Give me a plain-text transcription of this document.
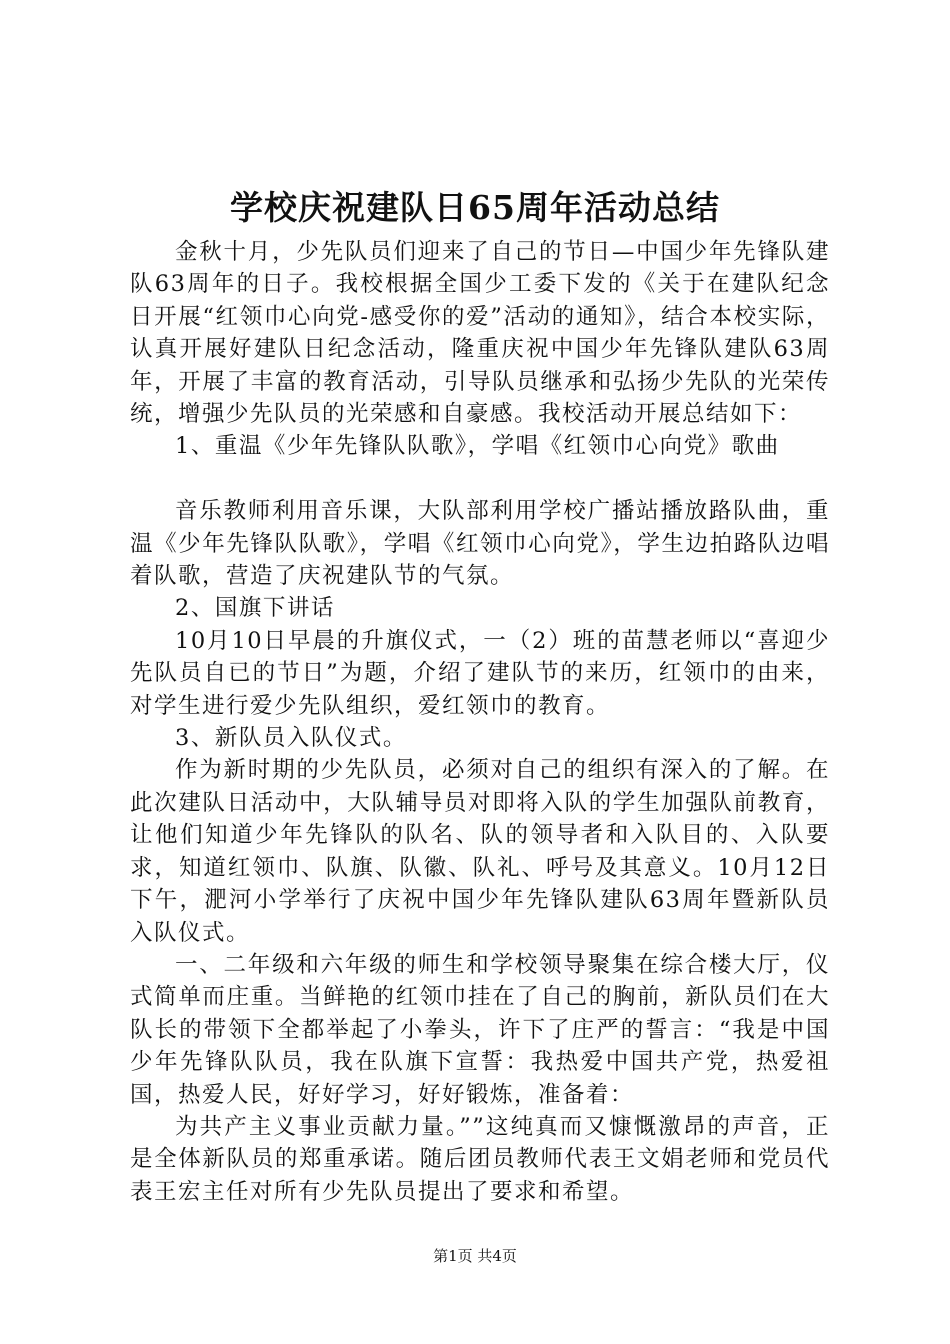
学校庆祝建队日65周年活动总结

金秋十月，少先队员们迎来了自己的节日—中国少年先锋队建队63周年的日子。我校根据全国少工委下发的《关于在建队纪念日开展“红领巾心向党-感受你的爱”活动的通知》，结合本校实际，认真开展好建队日纪念活动，隆重庆祝中国少年先锋队建队63周年，开展了丰富的教育活动，引导队员继承和弘扬少先队的光荣传统，增强少先队员的光荣感和自豪感。我校活动开展总结如下：

1、重温《少年先锋队队歌》，学唱《红领巾心向党》歌曲

音乐教师利用音乐课，大队部利用学校广播站播放路队曲，重温《少年先锋队队歌》，学唱《红领巾心向党》，学生边拍路队边唱着队歌，营造了庆祝建队节的气氛。

2、国旗下讲话

10月10日早晨的升旗仪式，一（2）班的苗慧老师以“喜迎少先队员自已的节日”为题，介绍了建队节的来历，红领巾的由来，对学生进行爱少先队组织，爱红领巾的教育。

3、新队员入队仪式。

作为新时期的少先队员，必须对自己的组织有深入的了解。在此次建队日活动中，大队辅导员对即将入队的学生加强队前教育，让他们知道少年先锋队的队名、队的领导者和入队目的、入队要求，知道红领巾、队旗、队徽、队礼、呼号及其意义。10月12日下午，淝河小学举行了庆祝中国少年先锋队建队63周年暨新队员入队仪式。

一、二年级和六年级的师生和学校领导聚集在综合楼大厅，仪式简单而庄重。当鲜艳的红领巾挂在了自己的胸前，新队员们在大队长的带领下全都举起了小拳头，许下了庄严的誓言：“我是中国少年先锋队队员，我在队旗下宣誓：我热爱中国共产党，热爱祖国，热爱人民，好好学习，好好锻炼，准备着：

为共产主义事业贡献力量。””这纯真而又慷慨激昂的声音，正是全体新队员的郑重承诺。随后团员教师代表王文娟老师和党员代表王宏主任对所有少先队员提出了要求和希望。

第1页 共4页
